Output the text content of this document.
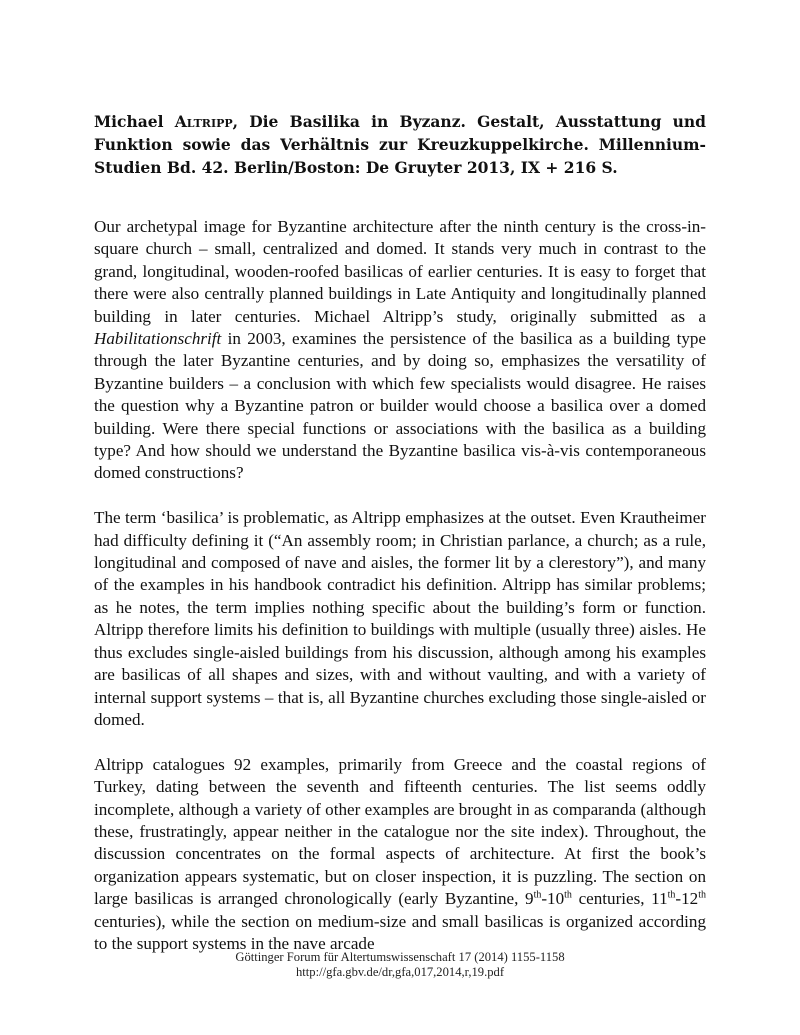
Michael Altripp, Die Basilika in Byzanz. Gestalt, Ausstattung und Funktion sowie das Verhältnis zur Kreuzkuppelkirche. Millennium-Studien Bd. 42. Berlin/Boston: De Gruyter 2013, IX + 216 S.

Our archetypal image for Byzantine architecture after the ninth century is the cross-in-square church – small, centralized and domed. It stands very much in contrast to the grand, longitudinal, wooden-roofed basilicas of earlier centuries. It is easy to forget that there were also centrally planned buildings in Late Antiquity and longitudinally planned building in later centuries. Michael Altripp’s study, originally submitted as a Habilitationschrift in 2003, examines the persistence of the basilica as a building type through the later Byzantine centuries, and by doing so, emphasizes the versatility of Byzantine builders – a conclusion with which few specialists would disagree. He raises the question why a Byzantine patron or builder would choose a basilica over a domed building. Were there special functions or associations with the basilica as a building type? And how should we understand the Byzantine basilica vis-à-vis contemporaneous domed constructions?

The term ‘basilica’ is problematic, as Altripp emphasizes at the outset. Even Krautheimer had difficulty defining it (“An assembly room; in Christian parlance, a church; as a rule, longitudinal and composed of nave and aisles, the former lit by a clerestory”), and many of the examples in his handbook contradict his definition. Altripp has similar problems; as he notes, the term implies nothing specific about the building’s form or function. Altripp therefore limits his definition to buildings with multiple (usually three) aisles. He thus excludes single-aisled buildings from his discussion, although among his examples are basilicas of all shapes and sizes, with and without vaulting, and with a variety of internal support systems – that is, all Byzantine churches excluding those single-aisled or domed.

Altripp catalogues 92 examples, primarily from Greece and the coastal regions of Turkey, dating between the seventh and fifteenth centuries. The list seems oddly incomplete, although a variety of other examples are brought in as comparanda (although these, frustratingly, appear neither in the catalogue nor the site index). Throughout, the discussion concentrates on the formal aspects of architecture. At first the book’s organization appears systematic, but on closer inspection, it is puzzling. The section on large basilicas is arranged chronologically (early Byzantine, 9th-10th centuries, 11th-12th centuries), while the section on medium-size and small basilicas is organized according to the support systems in the nave arcade

Göttinger Forum für Altertumswissenschaft 17 (2014) 1155-1158
http://gfa.gbv.de/dr,gfa,017,2014,r,19.pdf
